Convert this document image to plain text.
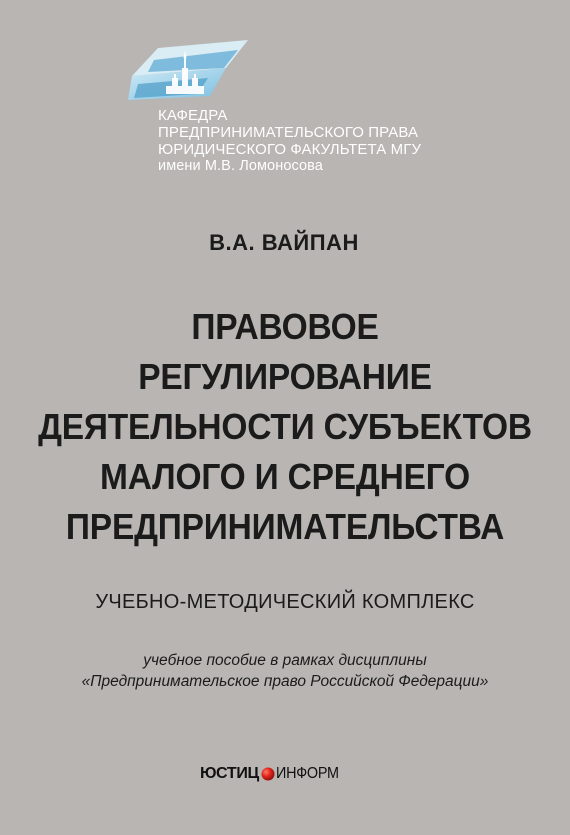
КАФЕДРА
ПРЕДПРИНИМАТЕЛЬСКОГО ПРАВА
ЮРИДИЧЕСКОГО ФАКУЛЬТЕТА МГУ
имени М.В. Ломоносова
В.А. ВАЙПАН
ПРАВОВОЕ
РЕГУЛИРОВАНИЕ
ДЕЯТЕЛЬНОСТИ СУБЪЕКТОВ
МАЛОГО И СРЕДНЕГО
ПРЕДПРИНИМАТЕЛЬСТВА
УЧЕБНО-МЕТОДИЧЕСКИЙ КОМПЛЕКС
учебное пособие в рамках дисциплины
«Предпринимательское право Российской Федерации»
ЮСТИЦ ИНФОРМ
